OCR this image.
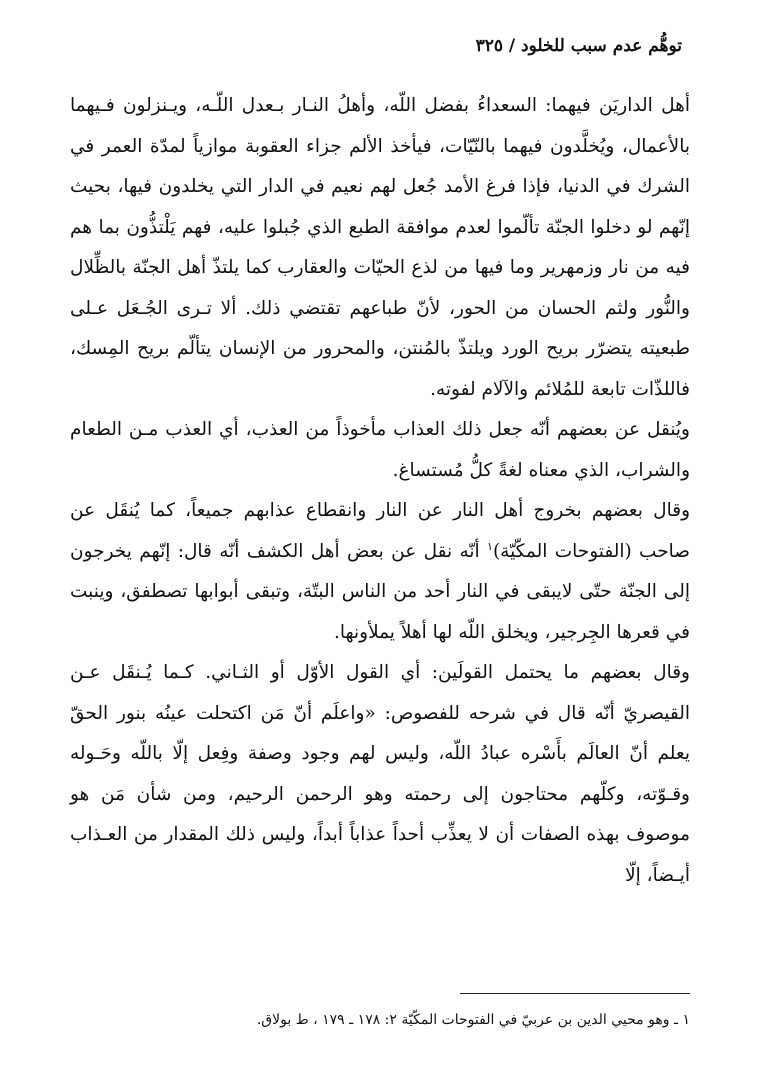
توهُّم عدم سبب للخلود / ٣٢٥

أهل الداريَن فيهما: السعداءُ بفضل اللّه، وأهلُ النـار بـعدل اللّـه، ويـنزلون فـيهما بالأعمال، ويُخلَّدون فيهما بالنّيّات، فيأخذ الألم جزاء العقوبة موازياً لمدّة العمر في الشرك في الدنيا، فإذا فرغ الأمد جُعل لهم نعيم في الدار التي يخلدون فيها، بحيث إنّهم لو دخلوا الجنّة تألّموا لعدم موافقة الطبع الذي جُبلوا عليه، فهم يَلْتذُّون بما هم فيه من نار وزمهرير وما فيها من لذع الحيّات والعقارب كما يلتذّ أهل الجنّة بالظِّلال والنُّور ولثم الحسان من الحور، لأنّ طباعهم تقتضي ذلك. ألا تـرى الجُـعَل عـلى طبعيته يتضرّر بريح الورد ويلتذّ بالمُنتن، والمحرور من الإنسان يتألّم بريح المِسك، فاللذّات تابعة للمُلائم والآلام لفوته.

ويُنقل عن بعضهم أنّه جعل ذلك العذاب مأخوذاً من العذب، أي العذب مـن الطعام والشراب، الذي معناه لغةً كلُّ مُستساغ.

وقال بعضهم بخروج أهل النار عن النار وانقطاع عذابهم جميعاً، كما يُنقَل عن صاحب (الفتوحات المكّيّة)$^١$ أنّه نقل عن بعض أهل الكشف أنّه قال: إنّهم يخرجون إلى الجنّة حتّى لايبقى في النار أحد من الناس البتّة، وتبقى أبوابها تصطفق، وينبت في قعرها الجِرجير، ويخلق اللّه لها أهلاً يملأونها.

وقال بعضهم ما يحتمل القولَين: أي القول الأوّل أو الثـاني. كـما يُـنقَل عـن القيصريّ أنّه قال في شرحه للفصوص: «واعلَم أنّ مَن اكتحلت عينُه بنور الحقّ يعلم أنّ العالَم بأَسْره عبادُ اللّه، وليس لهم وجود وصفة وفِعل إلّا باللّه وحَـوله وقـوّته، وكلّهم محتاجون إلى رحمته وهو الرحمن الرحيم، ومن شأن مَن هو موصوف بهذه الصفات أن لا يعذِّب أحداً عذاباً أبداً، وليس ذلك المقدار من العـذاب أيـضاً، إلّا

١ ـ وهو محيي الدين بن عربيّ في الفتوحات المكّيّة ٢: ١٧٨ ـ ١٧٩ ، ط بولاق.
